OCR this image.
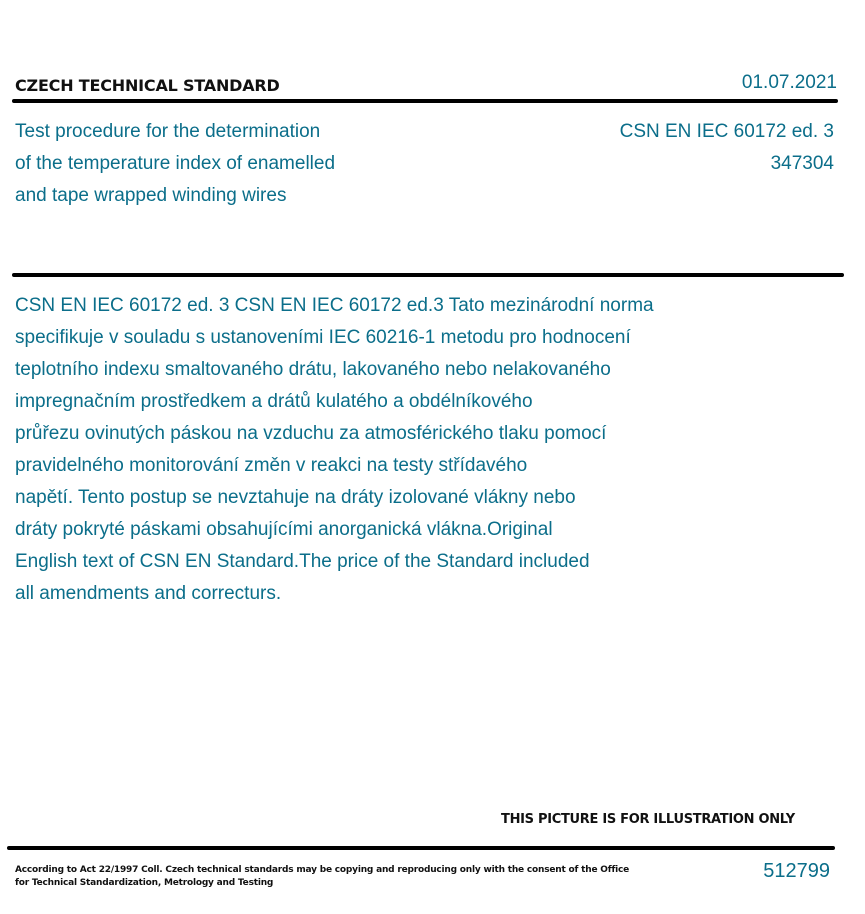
CZECH TECHNICAL STANDARD	01.07.2021
Test procedure for the determination
of the temperature index of enamelled
and tape wrapped winding wires
CSN EN IEC 60172 ed. 3
347304
CSN EN IEC 60172 ed. 3 CSN EN IEC 60172 ed.3 Tato mezinárodní norma
specifikuje v souladu s ustanoveními IEC 60216-1 metodu pro hodnocení
teplotního indexu smaltovaného drátu, lakovaného nebo nelakovaného
impregnačním prostředkem a drátů kulatého a obdélníkového
průřezu ovinutých páskou na vzduchu za atmosférického tlaku pomocí
pravidelného monitorování změn v reakci na testy střídavého
napětí. Tento postup se nevztahuje na dráty izolované vlákny nebo
dráty pokryté páskami obsahujícími anorganická vlákna.Original
English text of CSN EN Standard.The price of the Standard included
all amendments and correcturs.
THIS PICTURE IS FOR ILLUSTRATION ONLY
According to Act 22/1997 Coll. Czech technical standards may be copying and reproducing only with the consent of the Office
for Technical Standardization, Metrology and Testing
512799
